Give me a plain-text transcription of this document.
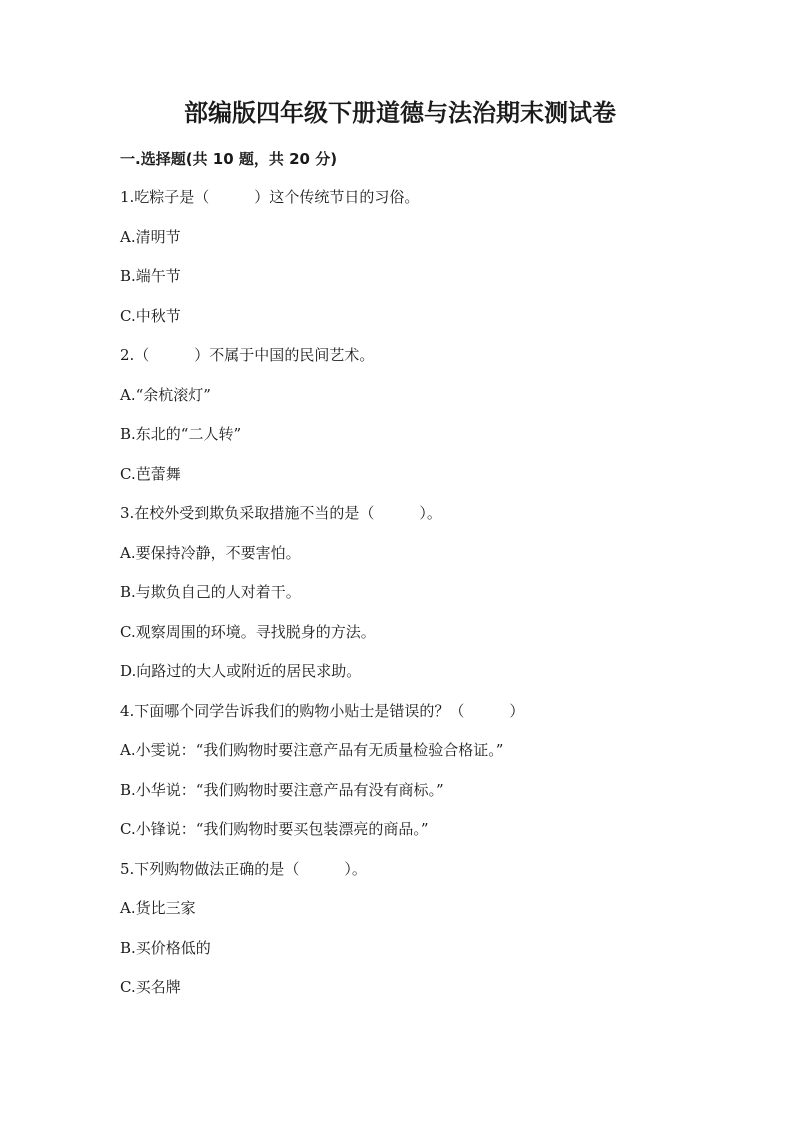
部编版四年级下册道德与法治期末测试卷
一.选择题(共 10 题，共 20 分)
1.吃粽子是（　　　）这个传统节日的习俗。
A.清明节
B.端午节
C.中秋节
2.（　　　）不属于中国的民间艺术。
A.“余杭滚灯”
B.东北的“二人转”
C.芭蕾舞
3.在校外受到欺负采取措施不当的是（　　　）。
A.要保持冷静，不要害怕。
B.与欺负自己的人对着干。
C.观察周围的环境。寻找脱身的方法。
D.向路过的大人或附近的居民求助。
4.下面哪个同学告诉我们的购物小贴士是错误的？（　　　）
A.小雯说：“我们购物时要注意产品有无质量检验合格证。”
B.小华说：“我们购物时要注意产品有没有商标。”
C.小锋说：“我们购物时要买包装漂亮的商品。”
5.下列购物做法正确的是（　　　）。
A.货比三家
B.买价格低的
C.买名牌
